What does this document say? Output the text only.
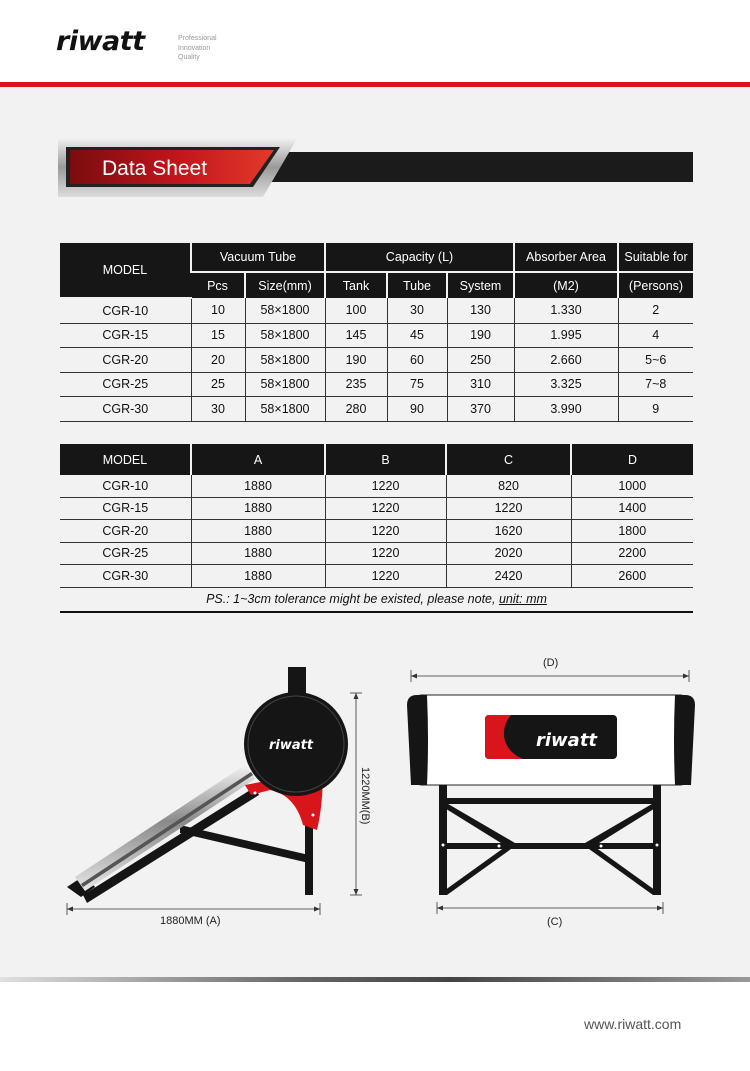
riwatt	Professional
Innovation
Quality
Data Sheet
MODEL	Vacuum Tube		Capacity (L)			Absorber Area	Suitable for
	Pcs	Size(mm)	Tank	Tube	System	(M2)	(Persons)
CGR-10	10	58×1800	100	30	130	1.330	2
CGR-15	15	58×1800	145	45	190	1.995	4
CGR-20	20	58×1800	190	60	250	2.660	5~6
CGR-25	25	58×1800	235	75	310	3.325	7~8
CGR-30	30	58×1800	280	90	370	3.990	9
MODEL	A	B	C	D
CGR-10	1880	1220	820	1000
CGR-15	1880	1220	1220	1400
CGR-20	1880	1220	1620	1800
CGR-25	1880	1220	2020	2200
CGR-30	1880	1220	2420	2600
PS.: 1~3cm tolerance might be existed, please note, unit: mm				
riwatt
1220MM(B)
1880MM (A)
riwatt
(D)
(C)
www.riwatt.com
